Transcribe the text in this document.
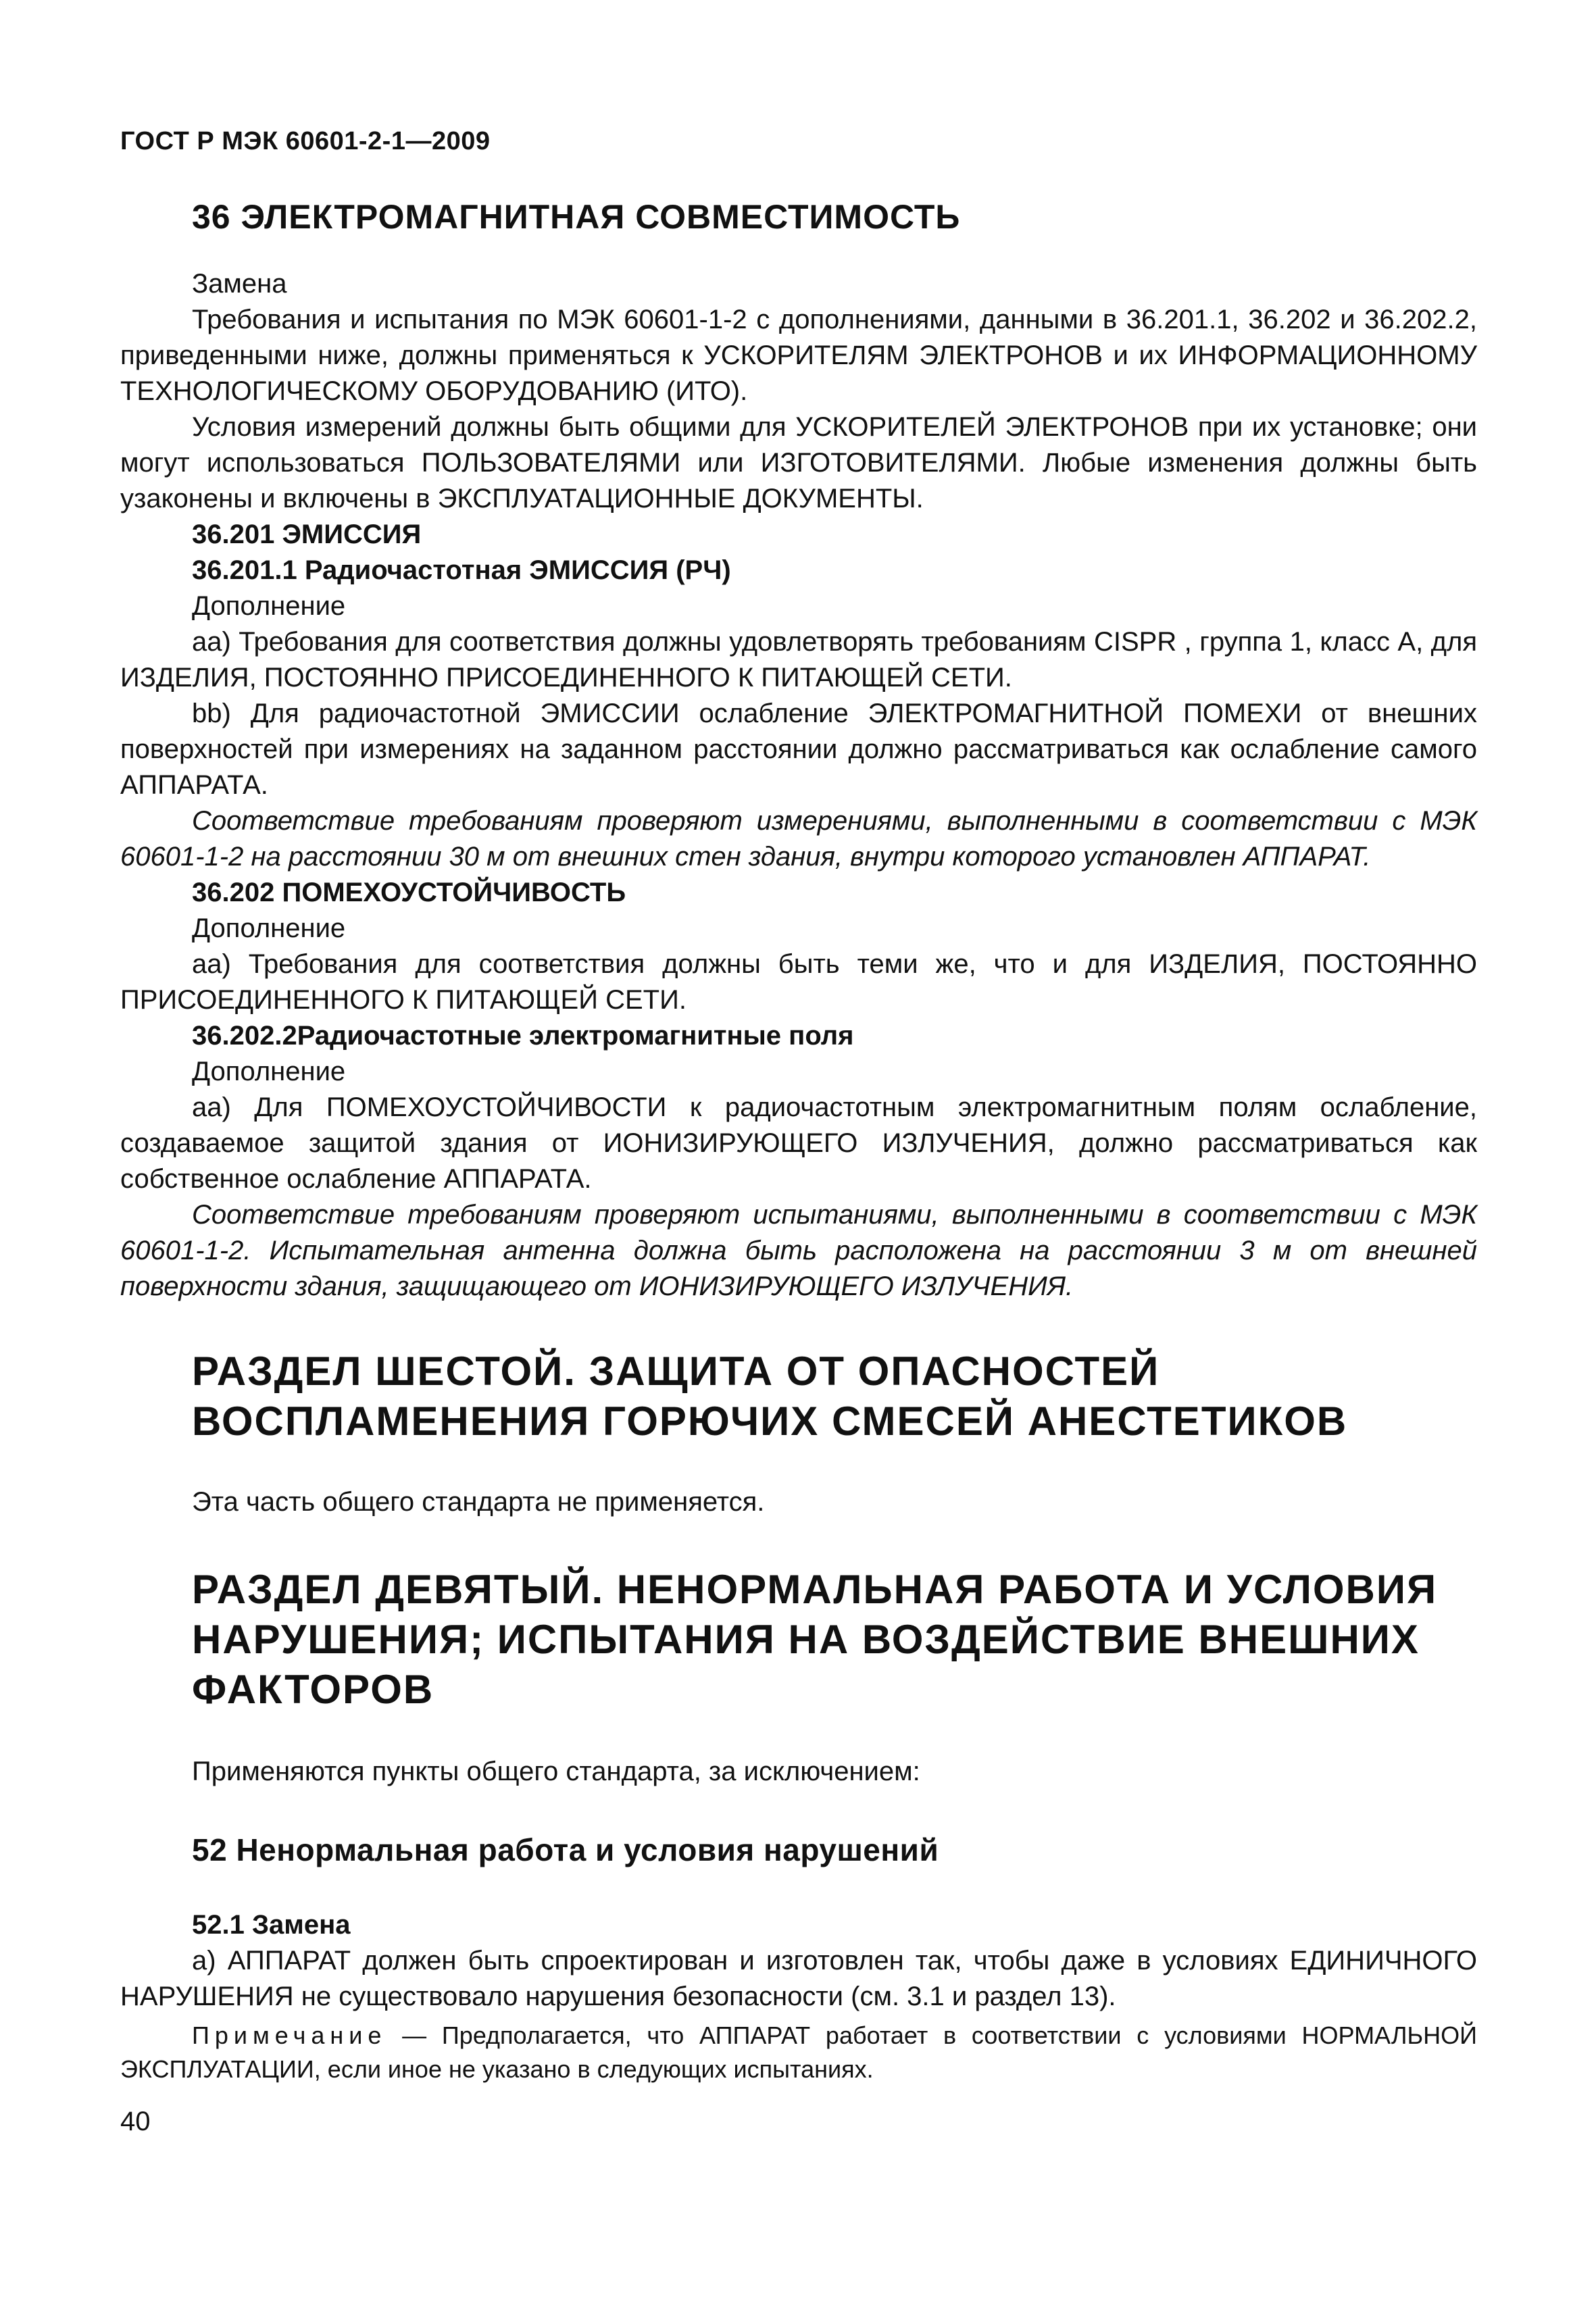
ГОСТ Р МЭК 60601-2-1—2009
36 ЭЛЕКТРОМАГНИТНАЯ СОВМЕСТИМОСТЬ

Замена

Требования и испытания по МЭК 60601-1-2 с дополнениями, данными в 36.201.1, 36.202 и 36.202.2, приведенными ниже, должны применяться к УСКОРИТЕЛЯМ ЭЛЕКТРОНОВ и их ИНФОРМАЦИОННОМУ ТЕХНОЛОГИЧЕСКОМУ ОБОРУДОВАНИЮ (ИТО).

Условия измерений должны быть общими для УСКОРИТЕЛЕЙ ЭЛЕКТРОНОВ при их установке; они могут использоваться ПОЛЬЗОВАТЕЛЯМИ или ИЗГОТОВИТЕЛЯМИ. Любые изменения должны быть узаконены и включены в ЭКСПЛУАТАЦИОННЫЕ ДОКУМЕНТЫ.

36.201 ЭМИССИЯ

36.201.1 Радиочастотная ЭМИССИЯ (РЧ)

Дополнение

аа) Требования для соответствия должны удовлетворять требованиям CISPR , группа 1, класс А, для ИЗДЕЛИЯ, ПОСТОЯННО ПРИСОЕДИНЕННОГО К ПИТАЮЩЕЙ СЕТИ.

bb) Для радиочастотной ЭМИССИИ ослабление ЭЛЕКТРОМАГНИТНОЙ ПОМЕХИ от внешних поверхностей при измерениях на заданном расстоянии должно рассматриваться как ослабление самого АППАРАТА.

Соответствие требованиям проверяют измерениями, выполненными в соответствии с МЭК 60601-1-2 на расстоянии 30 м от внешних стен здания, внутри которого установлен АППАРАТ.

36.202 ПОМЕХОУСТОЙЧИВОСТЬ

Дополнение

аа) Требования для соответствия должны быть теми же, что и для ИЗДЕЛИЯ, ПОСТОЯННО ПРИСОЕДИНЕННОГО К ПИТАЮЩЕЙ СЕТИ.

36.202.2Радиочастотные электромагнитные поля

Дополнение

аа) Для ПОМЕХОУСТОЙЧИВОСТИ к радиочастотным электромагнитным полям ослабление, создаваемое защитой здания от ИОНИЗИРУЮЩЕГО ИЗЛУЧЕНИЯ, должно рассматриваться как собственное ослабление АППАРАТА.

Соответствие требованиям проверяют испытаниями, выполненными в соответствии с МЭК 60601-1-2. Испытательная антенна должна быть расположена на расстоянии 3 м от внешней поверхности здания, защищающего от ИОНИЗИРУЮЩЕГО ИЗЛУЧЕНИЯ.

РАЗДЕЛ ШЕСТОЙ. ЗАЩИТА ОТ ОПАСНОСТЕЙ ВОСПЛАМЕНЕНИЯ ГОРЮЧИХ СМЕСЕЙ АНЕСТЕТИКОВ

Эта часть общего стандарта не применяется.

РАЗДЕЛ ДЕВЯТЫЙ. НЕНОРМАЛЬНАЯ РАБОТА И УСЛОВИЯ НАРУШЕНИЯ; ИСПЫТАНИЯ НА ВОЗДЕЙСТВИЕ ВНЕШНИХ ФАКТОРОВ

Применяются пункты общего стандарта, за исключением:

52 Ненормальная работа и условия нарушений

52.1 Замена

а) АППАРАТ должен быть спроектирован и изготовлен так, чтобы даже в условиях ЕДИНИЧНОГО НАРУШЕНИЯ не существовало нарушения безопасности (см. 3.1 и раздел 13).

Примечание — Предполагается, что АППАРАТ работает в соответствии с условиями НОРМАЛЬНОЙ ЭКСПЛУАТАЦИИ, если иное не указано в следующих испытаниях.

40
